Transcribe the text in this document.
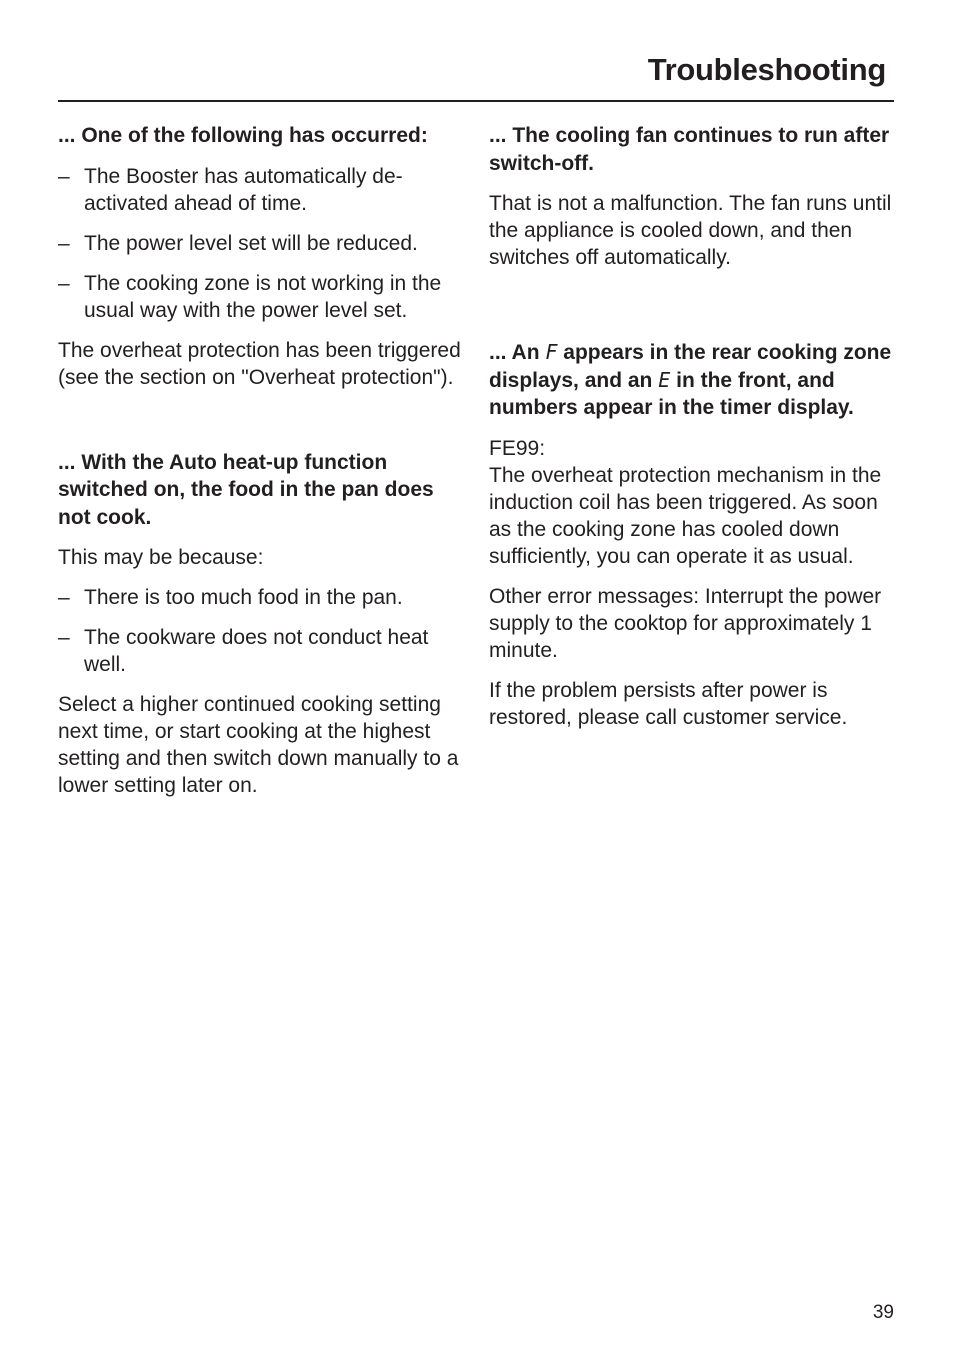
Troubleshooting
... One of the following has occurred:

– The Booster has automatically de-activated ahead of time.

– The power level set will be reduced.

– The cooking zone is not working in the usual way with the power level set.

The overheat protection has been triggered (see the section on "Overheat protection").

... With the Auto heat-up function switched on, the food in the pan does not cook.

This may be because:

– There is too much food in the pan.

– The cookware does not conduct heat well.

Select a higher continued cooking setting next time, or start cooking at the highest setting and then switch down manually to a lower setting later on.

... The cooling fan continues to run after switch-off.

That is not a malfunction. The fan runs until the appliance is cooled down, and then switches off automatically.

... An F appears in the rear cooking zone displays, and an E in the front, and numbers appear in the timer display.

FE99:
The overheat protection mechanism in the induction coil has been triggered. As soon as the cooking zone has cooled down sufficiently, you can operate it as usual.

Other error messages: Interrupt the power supply to the cooktop for approximately 1 minute.

If the problem persists after power is restored, please call customer service.

39
